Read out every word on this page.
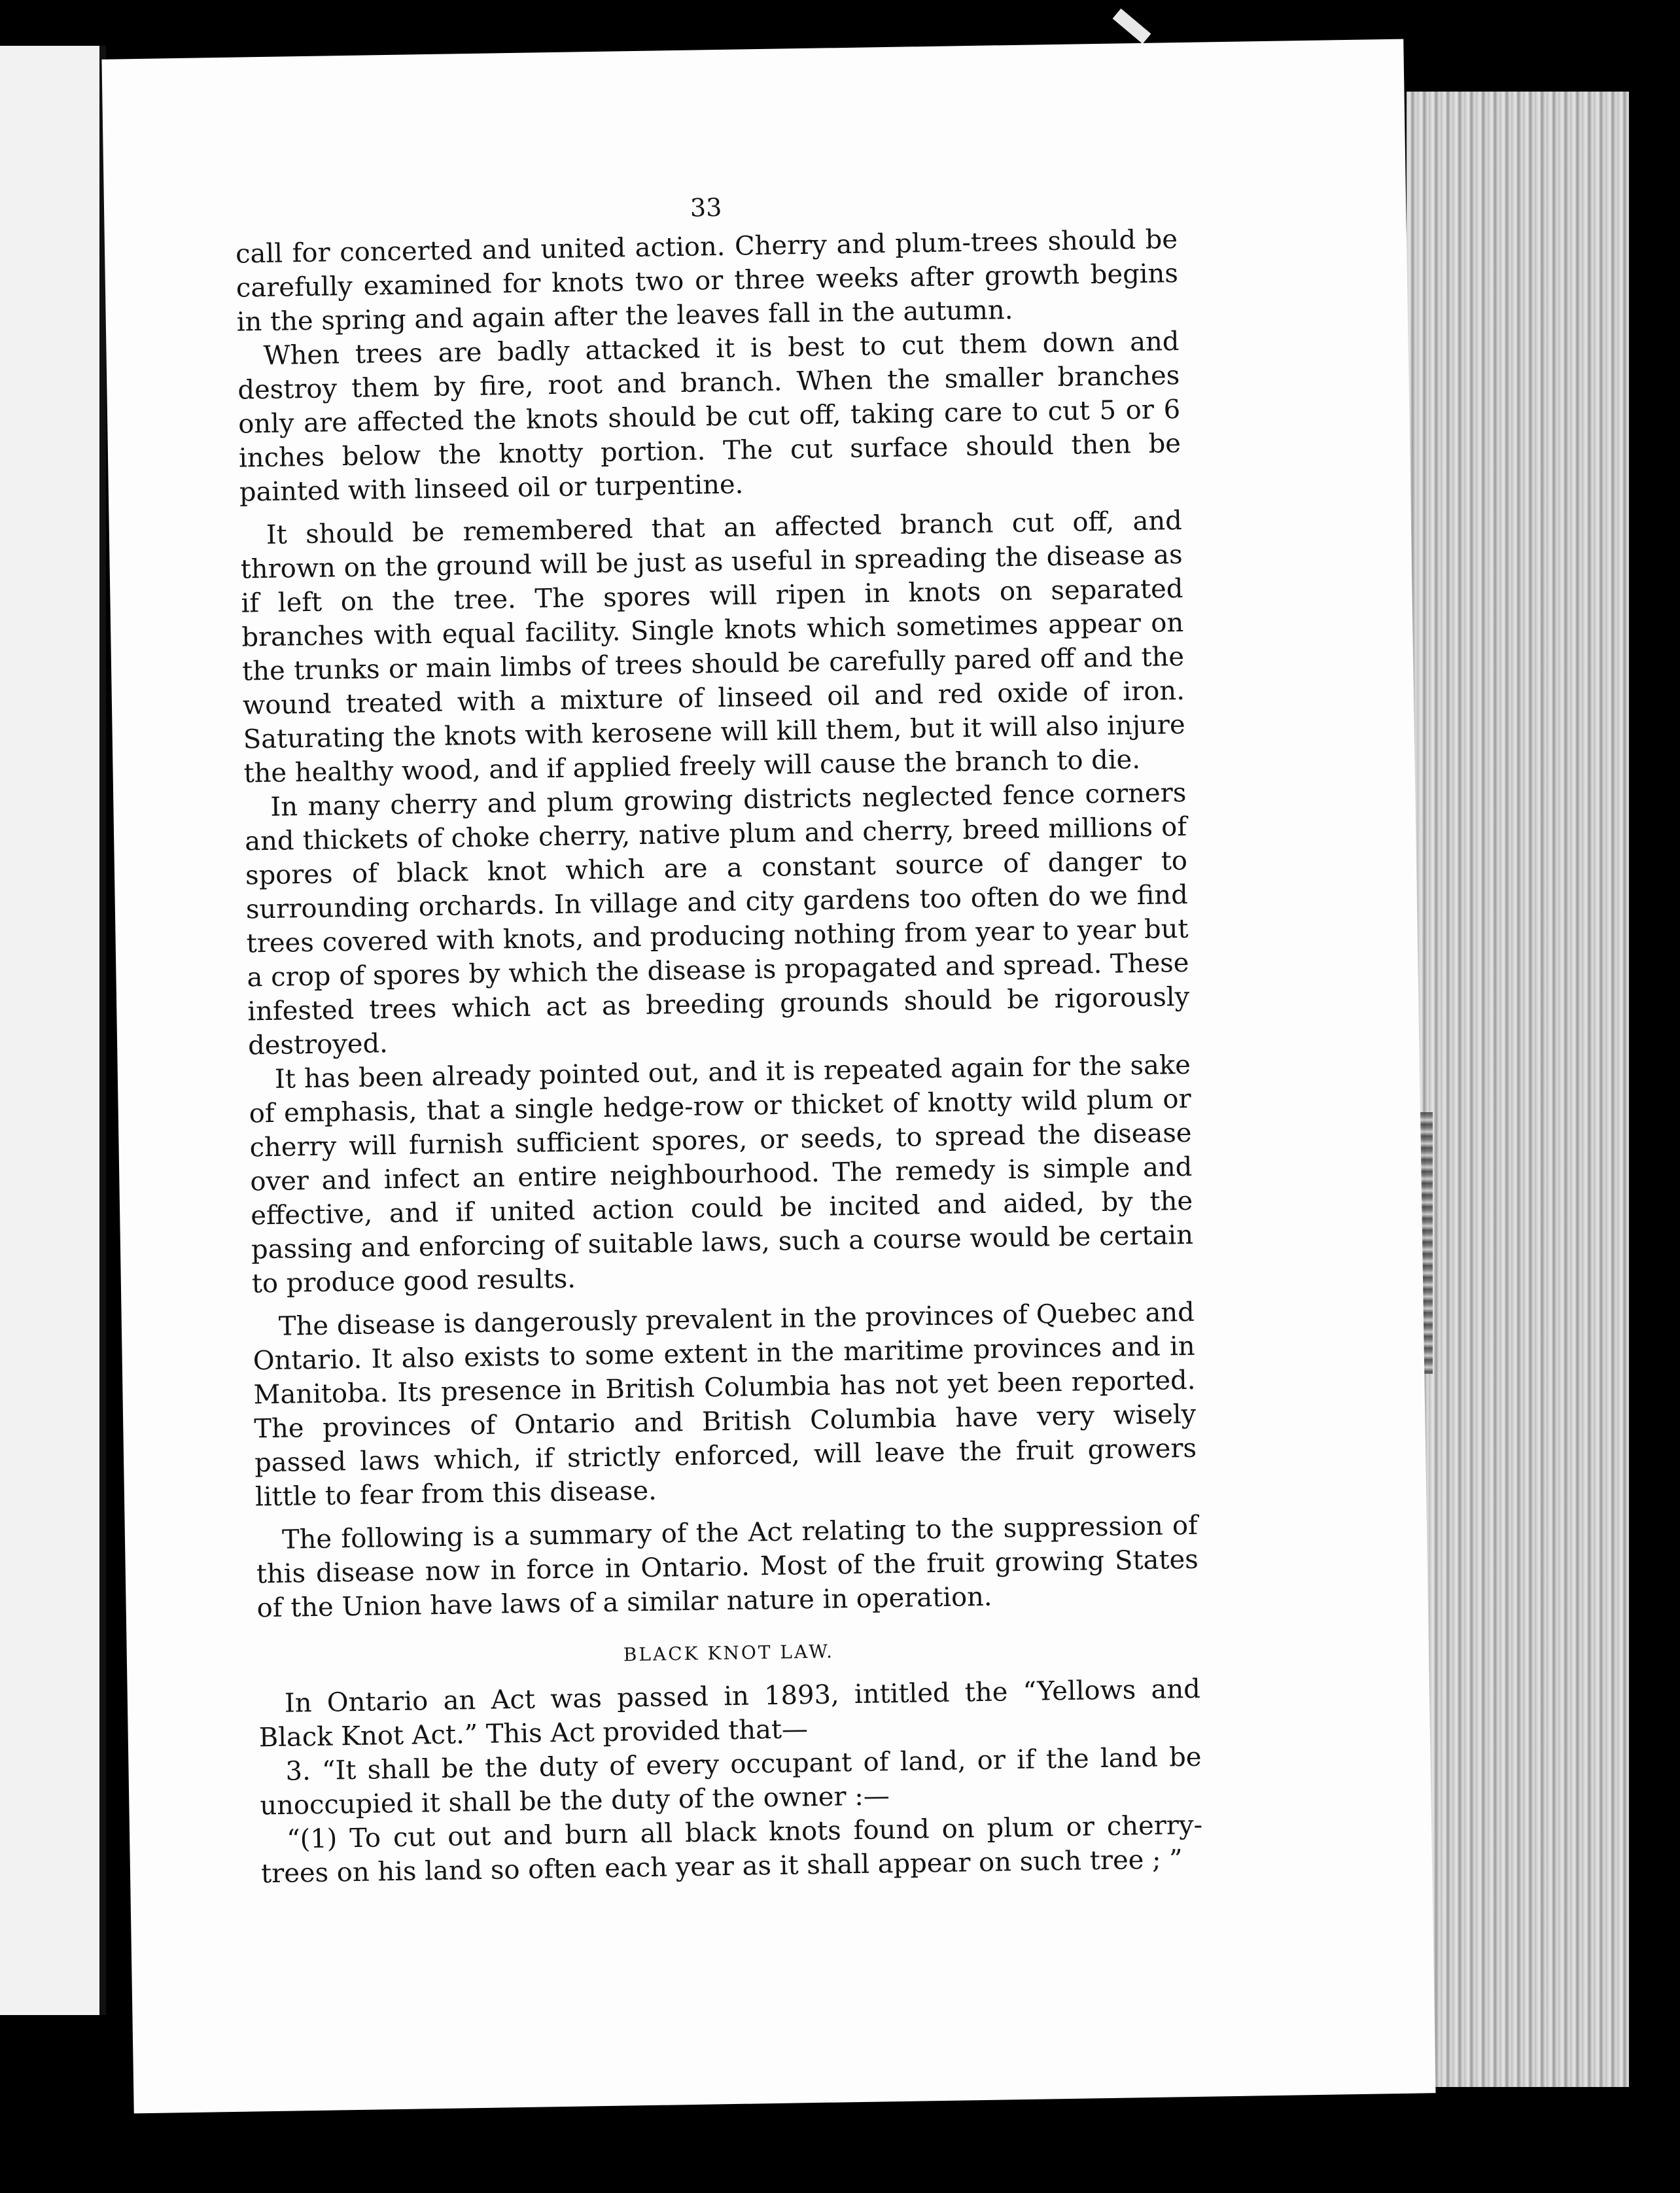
33

call for concerted and united action. Cherry and plum-trees should be carefully examined for knots two or three weeks after growth begins in the spring and again after the leaves fall in the autumn.

When trees are badly attacked it is best to cut them down and destroy them by fire, root and branch. When the smaller branches only are affected the knots should be cut off, taking care to cut 5 or 6 inches below the knotty portion. The cut surface should then be painted with linseed oil or turpentine.

It should be remembered that an affected branch cut off, and thrown on the ground will be just as useful in spreading the disease as if left on the tree. The spores will ripen in knots on separated branches with equal facility. Single knots which sometimes appear on the trunks or main limbs of trees should be carefully pared off and the wound treated with a mixture of linseed oil and red oxide of iron. Saturating the knots with kerosene will kill them, but it will also injure the healthy wood, and if applied freely will cause the branch to die.

In many cherry and plum growing districts neglected fence corners and thickets of choke cherry, native plum and cherry, breed millions of spores of black knot which are a constant source of danger to surrounding orchards. In village and city gardens too often do we find trees covered with knots, and producing nothing from year to year but a crop of spores by which the disease is propagated and spread. These infested trees which act as breeding grounds should be rigorously destroyed.

It has been already pointed out, and it is repeated again for the sake of emphasis, that a single hedge-row or thicket of knotty wild plum or cherry will furnish sufficient spores, or seeds, to spread the disease over and infect an entire neighbourhood. The remedy is simple and effective, and if united action could be incited and aided, by the passing and enforcing of suitable laws, such a course would be certain to produce good results.

The disease is dangerously prevalent in the provinces of Quebec and Ontario. It also exists to some extent in the maritime provinces and in Manitoba. Its presence in British Columbia has not yet been reported. The provinces of Ontario and British Columbia have very wisely passed laws which, if strictly enforced, will leave the fruit growers little to fear from this disease.

The following is a summary of the Act relating to the suppression of this disease now in force in Ontario. Most of the fruit growing States of the Union have laws of a similar nature in operation.

BLACK KNOT LAW.

In Ontario an Act was passed in 1893, intitled the “Yellows and Black Knot Act.” This Act provided that—

3. “It shall be the duty of every occupant of land, or if the land be unoccupied it shall be the duty of the owner :—

“(1) To cut out and burn all black knots found on plum or cherry-trees on his land so often each year as it shall appear on such tree ; ”
